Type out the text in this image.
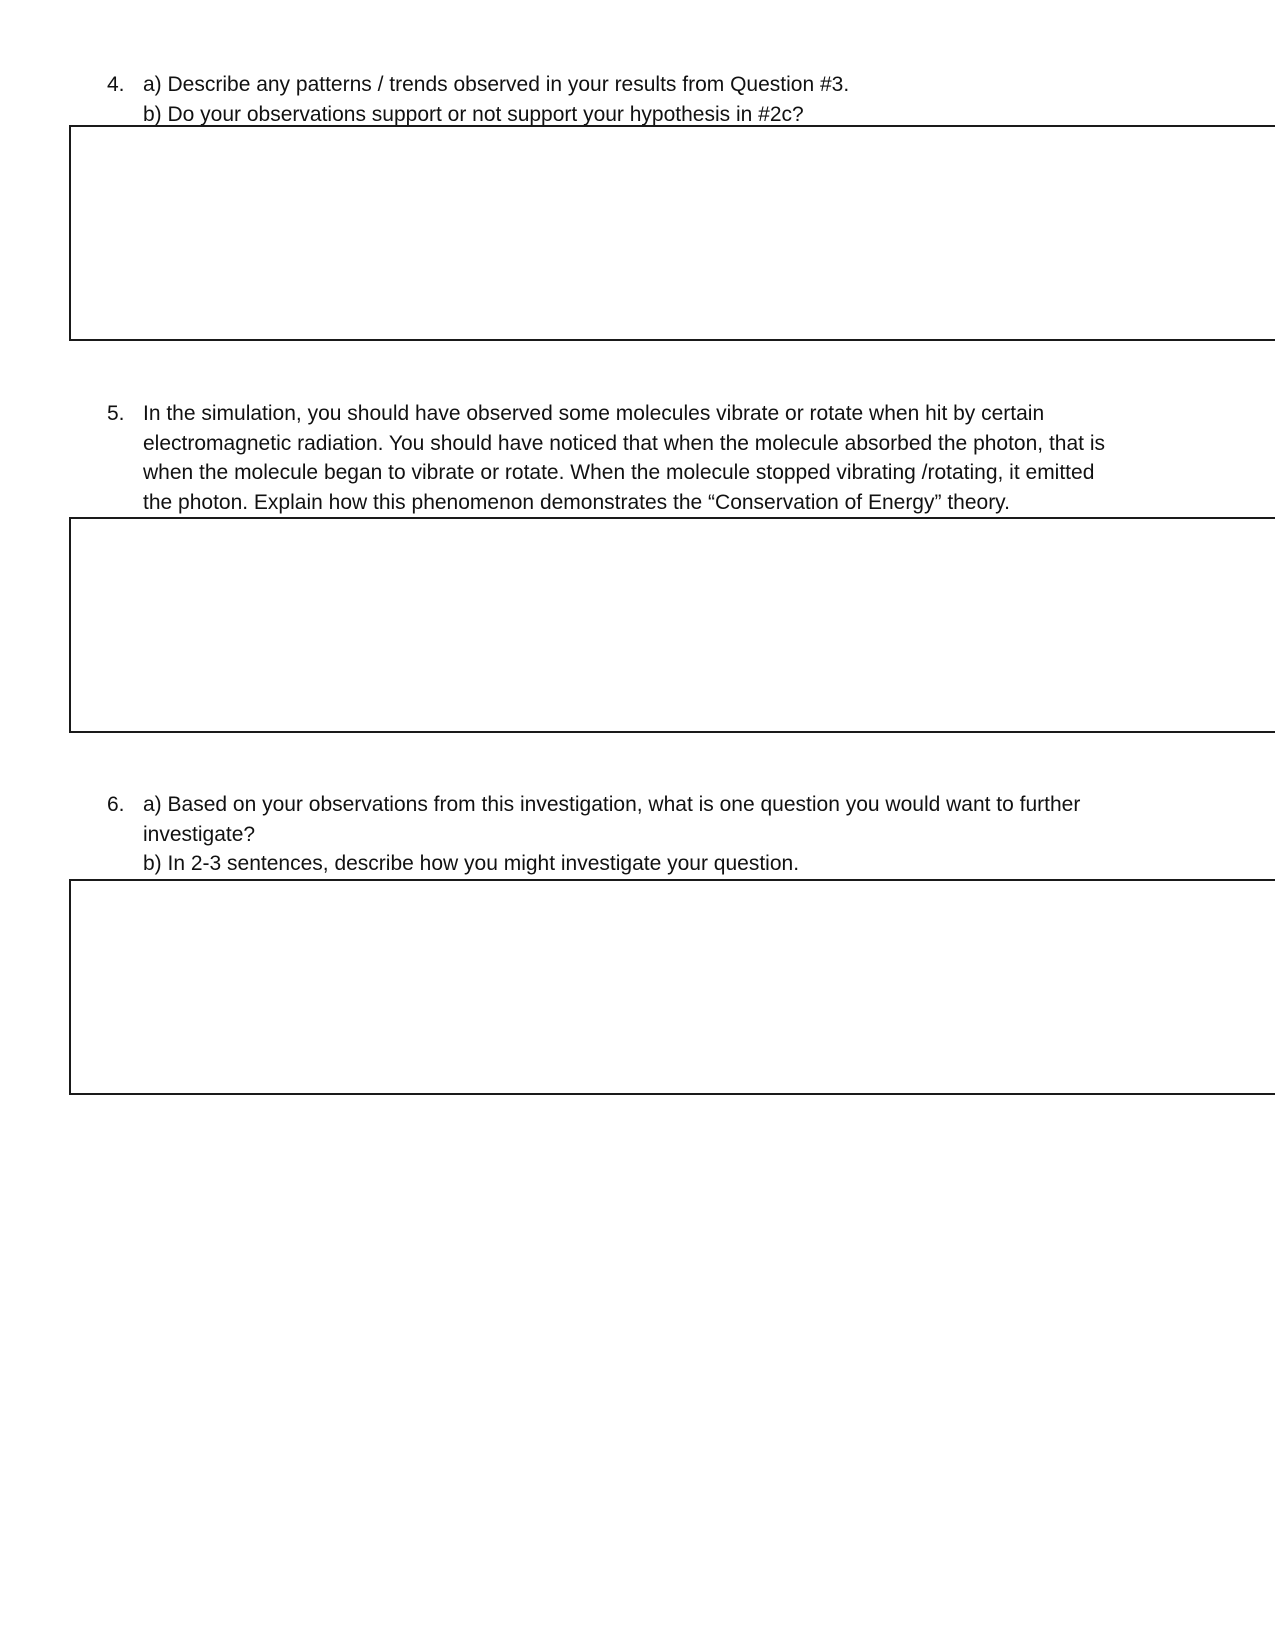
4. a) Describe any patterns / trends observed in your results from Question #3.
b) Do your observations support or not support your hypothesis in #2c?
5. In the simulation, you should have observed some molecules vibrate or rotate when hit by certain
electromagnetic radiation. You should have noticed that when the molecule absorbed the photon, that is
when the molecule began to vibrate or rotate. When the molecule stopped vibrating /rotating, it emitted
the photon. Explain how this phenomenon demonstrates the “Conservation of Energy” theory.
6. a) Based on your observations from this investigation, what is one question you would want to further
investigate?
b) In 2-3 sentences, describe how you might investigate your question.
